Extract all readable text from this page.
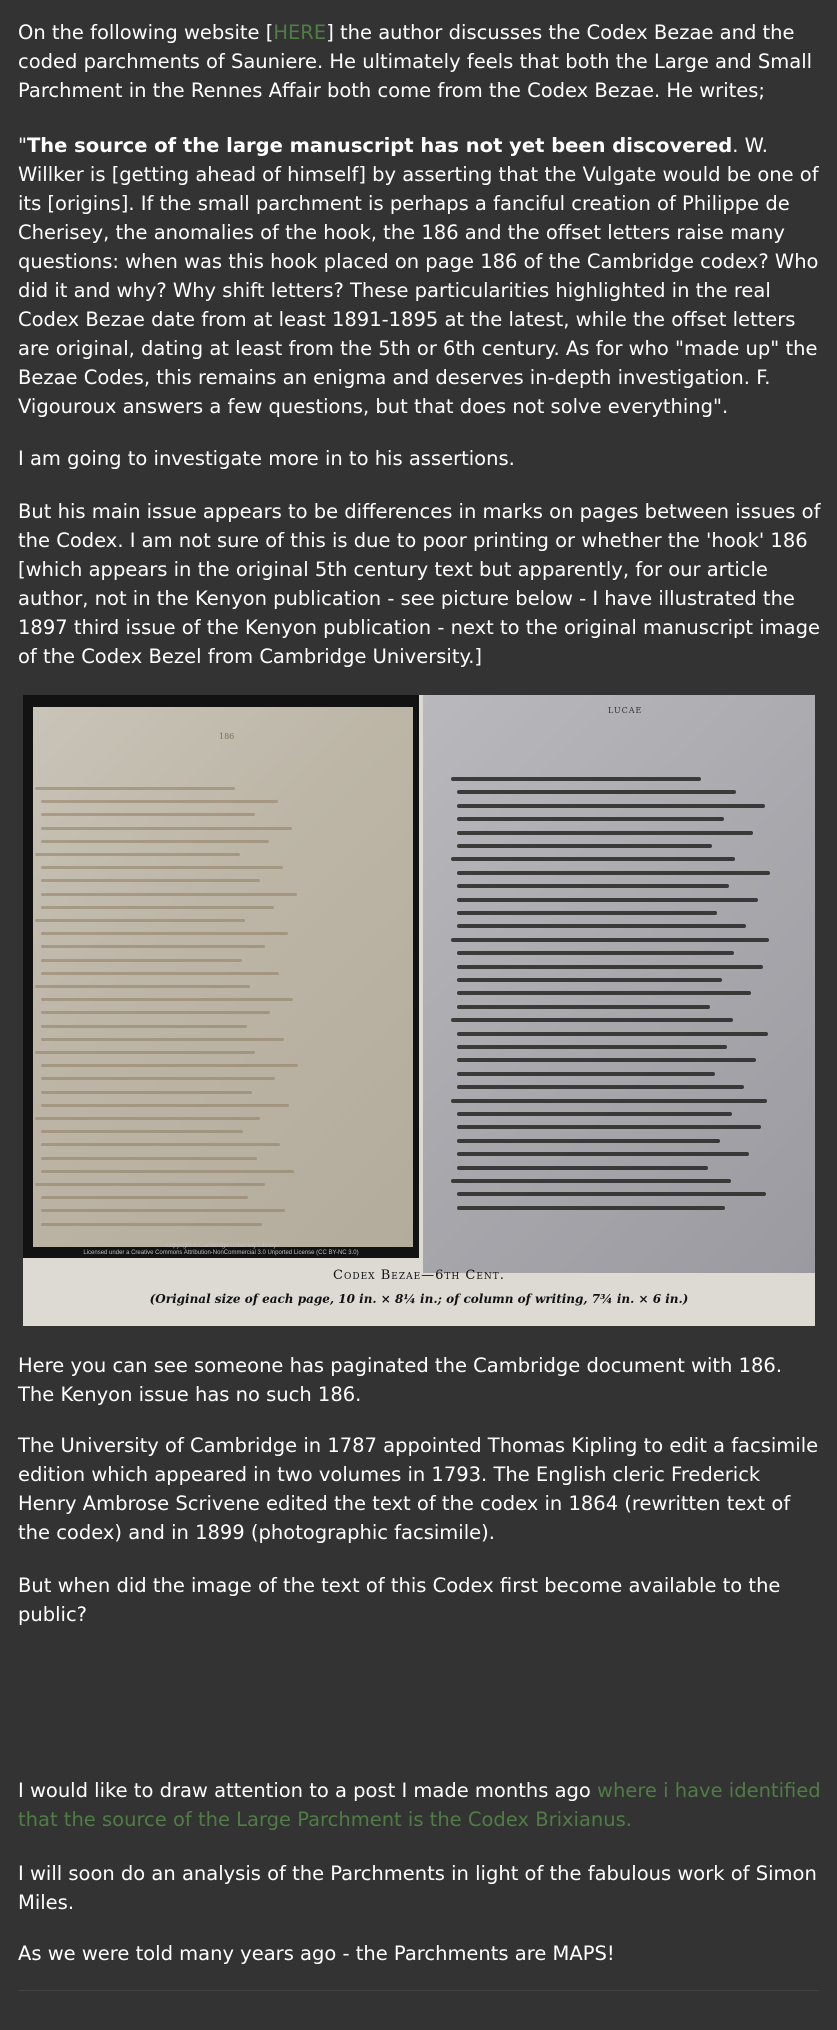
On the following website [HERE] the author discusses the Codex Bezae and the coded parchments of Sauniere. He ultimately feels that both the Large and Small Parchment in the Rennes Affair both come from the Codex Bezae. He writes;

"The source of the large manuscript has not yet been discovered. W. Willker is [getting ahead of himself] by asserting that the Vulgate would be one of its [origins]. If the small parchment is perhaps a fanciful creation of Philippe de Cherisey, the anomalies of the hook, the 186 and the offset letters raise many questions: when was this hook placed on page 186 of the Cambridge codex? Who did it and why? Why shift letters? These particularities highlighted in the real Codex Bezae date from at least 1891-1895 at the latest, while the offset letters are original, dating at least from the 5th or 6th century. As for who "made up" the Bezae Codes, this remains an enigma and deserves in-depth investigation. F. Vigouroux answers a few questions, but that does not solve everything".

I am going to investigate more in to his assertions.

But his main issue appears to be differences in marks on pages between issues of the Codex. I am not sure of this is due to poor printing or whether the 'hook' 186 [which appears in the original 5th century text but apparently, for our article author, not in the Kenyon publication - see picture below - I have illustrated the 1897 third issue of the Kenyon publication - next to the original manuscript image of the Codex Bezel from Cambridge University.]

186
Copyright © Cambridge University Library
Licensed under a Creative Commons Attribution-NonCommercial 3.0 Unported License (CC BY-NC 3.0)
LUCAE
Codex Bezae—6th Cent.
(Original size of each page, 10 in. × 8¼ in.; of column of writing, 7¾ in. × 6 in.)

Here you can see someone has paginated the Cambridge document with 186. The Kenyon issue has no such 186.

The University of Cambridge in 1787 appointed Thomas Kipling to edit a facsimile edition which appeared in two volumes in 1793. The English cleric Frederick Henry Ambrose Scrivene edited the text of the codex in 1864 (rewritten text of the codex) and in 1899 (photographic facsimile).

But when did the image of the text of this Codex first become available to the public?

I would like to draw attention to a post I made months ago where i have identified that the source of the Large Parchment is the Codex Brixianus.

I will soon do an analysis of the Parchments in light of the fabulous work of Simon Miles.

As we were told many years ago - the Parchments are MAPS!
